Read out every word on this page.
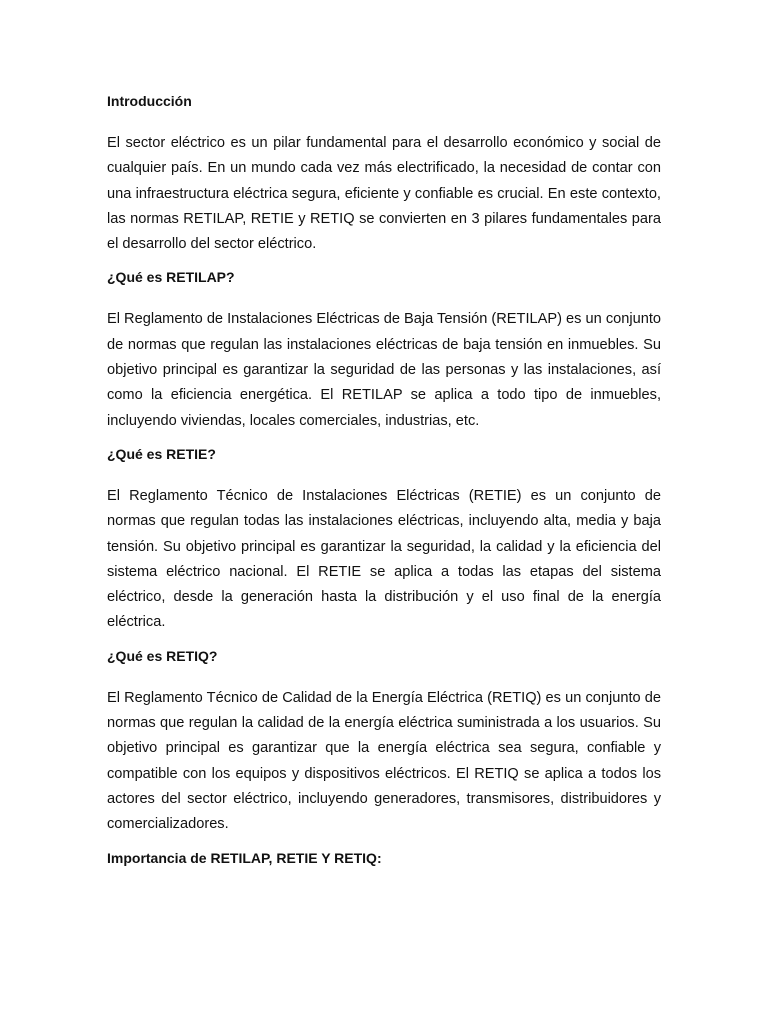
Introducción

El sector eléctrico es un pilar fundamental para el desarrollo económico y social de cualquier país. En un mundo cada vez más electrificado, la necesidad de contar con una infraestructura eléctrica segura, eficiente y confiable es crucial. En este contexto, las normas RETILAP, RETIE y RETIQ se convierten en 3 pilares fundamentales para el desarrollo del sector eléctrico.

¿Qué es RETILAP?

El Reglamento de Instalaciones Eléctricas de Baja Tensión (RETILAP) es un conjunto de normas que regulan las instalaciones eléctricas de baja tensión en inmuebles. Su objetivo principal es garantizar la seguridad de las personas y las instalaciones, así como la eficiencia energética. El RETILAP se aplica a todo tipo de inmuebles, incluyendo viviendas, locales comerciales, industrias, etc.

¿Qué es RETIE?

El Reglamento Técnico de Instalaciones Eléctricas (RETIE) es un conjunto de normas que regulan todas las instalaciones eléctricas, incluyendo alta, media y baja tensión. Su objetivo principal es garantizar la seguridad, la calidad y la eficiencia del sistema eléctrico nacional. El RETIE se aplica a todas las etapas del sistema eléctrico, desde la generación hasta la distribución y el uso final de la energía eléctrica.

¿Qué es RETIQ?

El Reglamento Técnico de Calidad de la Energía Eléctrica (RETIQ) es un conjunto de normas que regulan la calidad de la energía eléctrica suministrada a los usuarios. Su objetivo principal es garantizar que la energía eléctrica sea segura, confiable y compatible con los equipos y dispositivos eléctricos. El RETIQ se aplica a todos los actores del sector eléctrico, incluyendo generadores, transmisores, distribuidores y comercializadores.

Importancia de RETILAP, RETIE Y RETIQ:
